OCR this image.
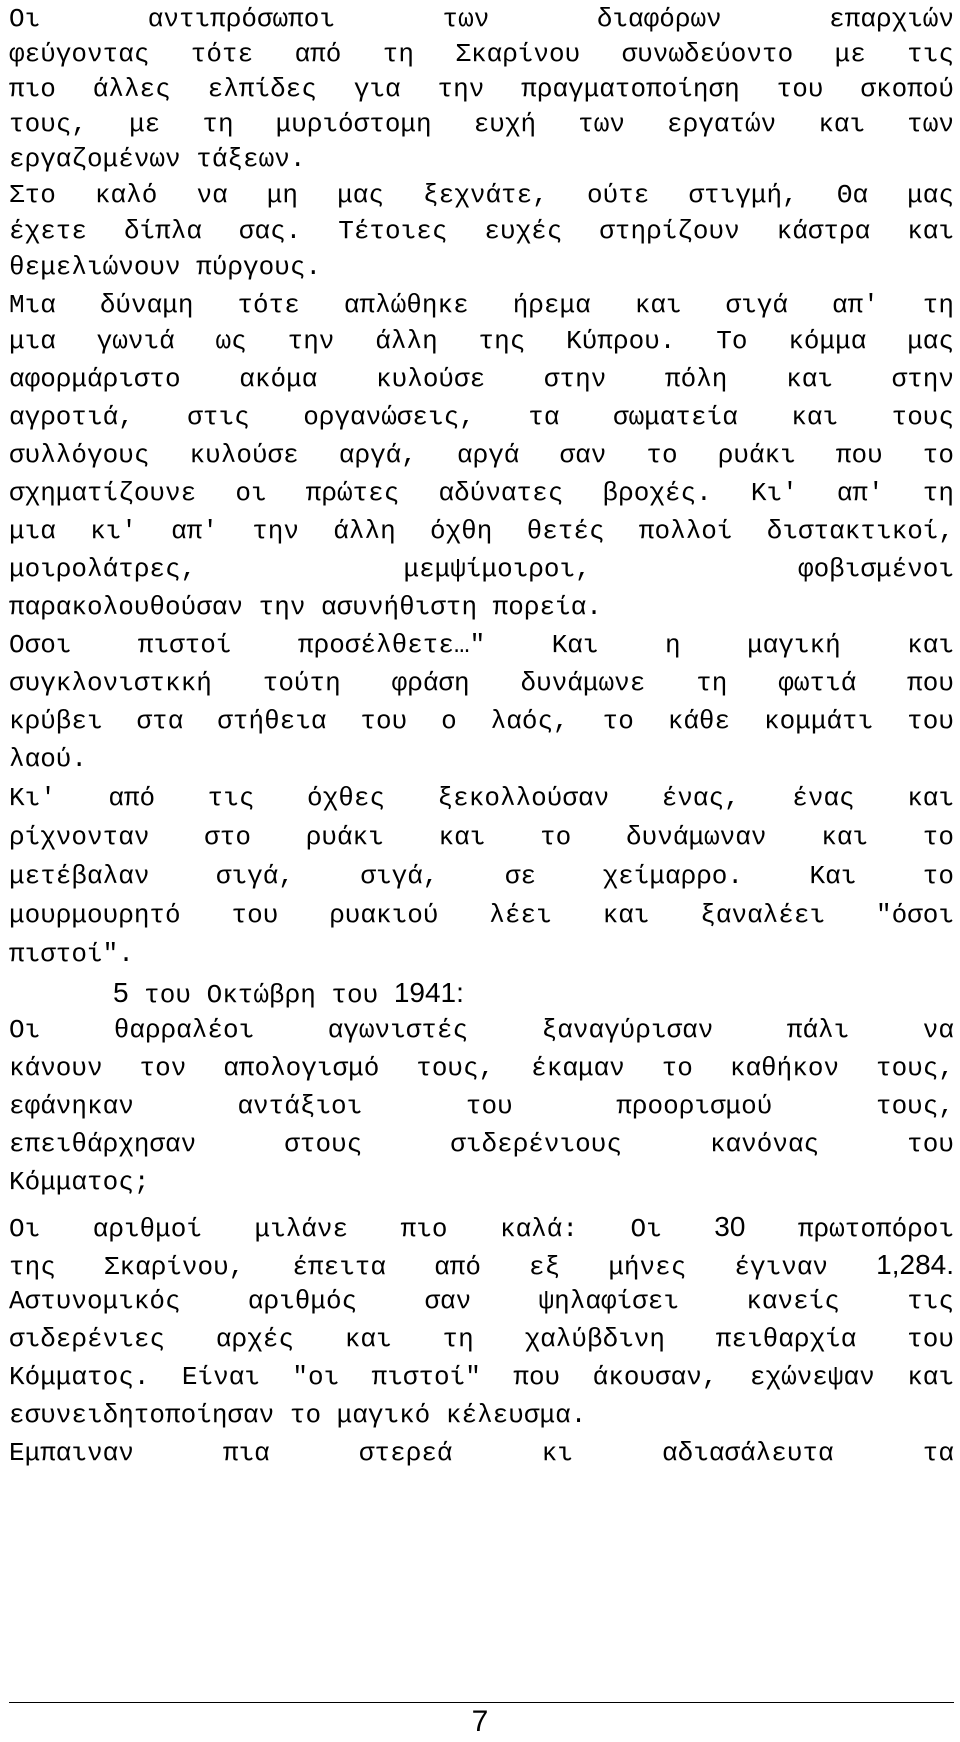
Οι αντιπρόσωποι των διαφόρων επαρχιών
φεύγοντας τότε από τη Σκαρίνου συνωδεύοντο με τις
πιο άλλες ελπίδες για την πραγματοποίηση του σκοπού
τους, με τη μυριόστομη ευχή των εργατών και των
εργαζομένων τάξεων.
Στο καλό να μη μας ξεχνάτε, ούτε στιγμή, Θα μας
έχετε δίπλα σας. Τέτοιες ευχές στηρίζουν κάστρα και
θεμελιώνουν πύργους.
Μια δύναμη τότε απλώθηκε ήρεμα και σιγά απ' τη
μια γωνιά ως την άλλη της Κύπρου. Το κόμμα μας
αφορμάριστο ακόμα κυλούσε στην πόλη και στην
αγροτιά, στις οργανώσεις, τα σωματεία και τους
συλλόγους κυλούσε αργά, αργά σαν το ρυάκι που το
σχηματίζουνε οι πρώτες αδύνατες βροχές. Κι' απ' τη
μια κι' απ' την άλλη όχθη θετές πολλοί διστακτικοί,
μοιρολάτρες, μεμψίμοιροι, φοβισμένοι
παρακολουθούσαν την ασυνήθιστη πορεία.
Οσοι πιστοί προσέλθετε…" Και η μαγική και
συγκλονιστκκή τούτη φράση δυνάμωνε τη φωτιά που
κρύβει στα στήθεια του ο λαός, το κάθε κομμάτι του
λαού.
Κι' από τις όχθες ξεκολλούσαν ένας, ένας και
ρίχνονταν στο ρυάκι και το δυνάμωναν και το
μετέβαλαν σιγά, σιγά, σε χείμαρρο. Και το
μουρμουρητό του ρυακιού λέει και ξαναλέει "όσοι
πιστοί".
5 του Οκτώβρη του 1941:
Οι θαρραλέοι αγωνιστές ξαναγύρισαν πάλι να
κάνουν τον απολογισμό τους, έκαμαν το καθήκον τους,
εφάνηκαν αντάξιοι του προορισμού τους,
επειθάρχησαν στους σιδερένιους κανόνας του
Κόμματος;
Οι αριθμοί μιλάνε πιο καλά: Οι 30 πρωτοπόροι
της Σκαρίνου, έπειτα από εξ μήνες έγιναν 1,284.
Αστυνομικός αριθμός σαν ψηλαφίσει κανείς τις
σιδερένιες αρχές και τη χαλύβδινη πειθαρχία του
Κόμματος. Είναι "οι πιστοί" που άκουσαν, εχώνεψαν και
εσυνειδητοποίησαν το μαγικό κέλευσμα.
Εμπαιναν πια στερεά κι αδιασάλευτα τα
7
